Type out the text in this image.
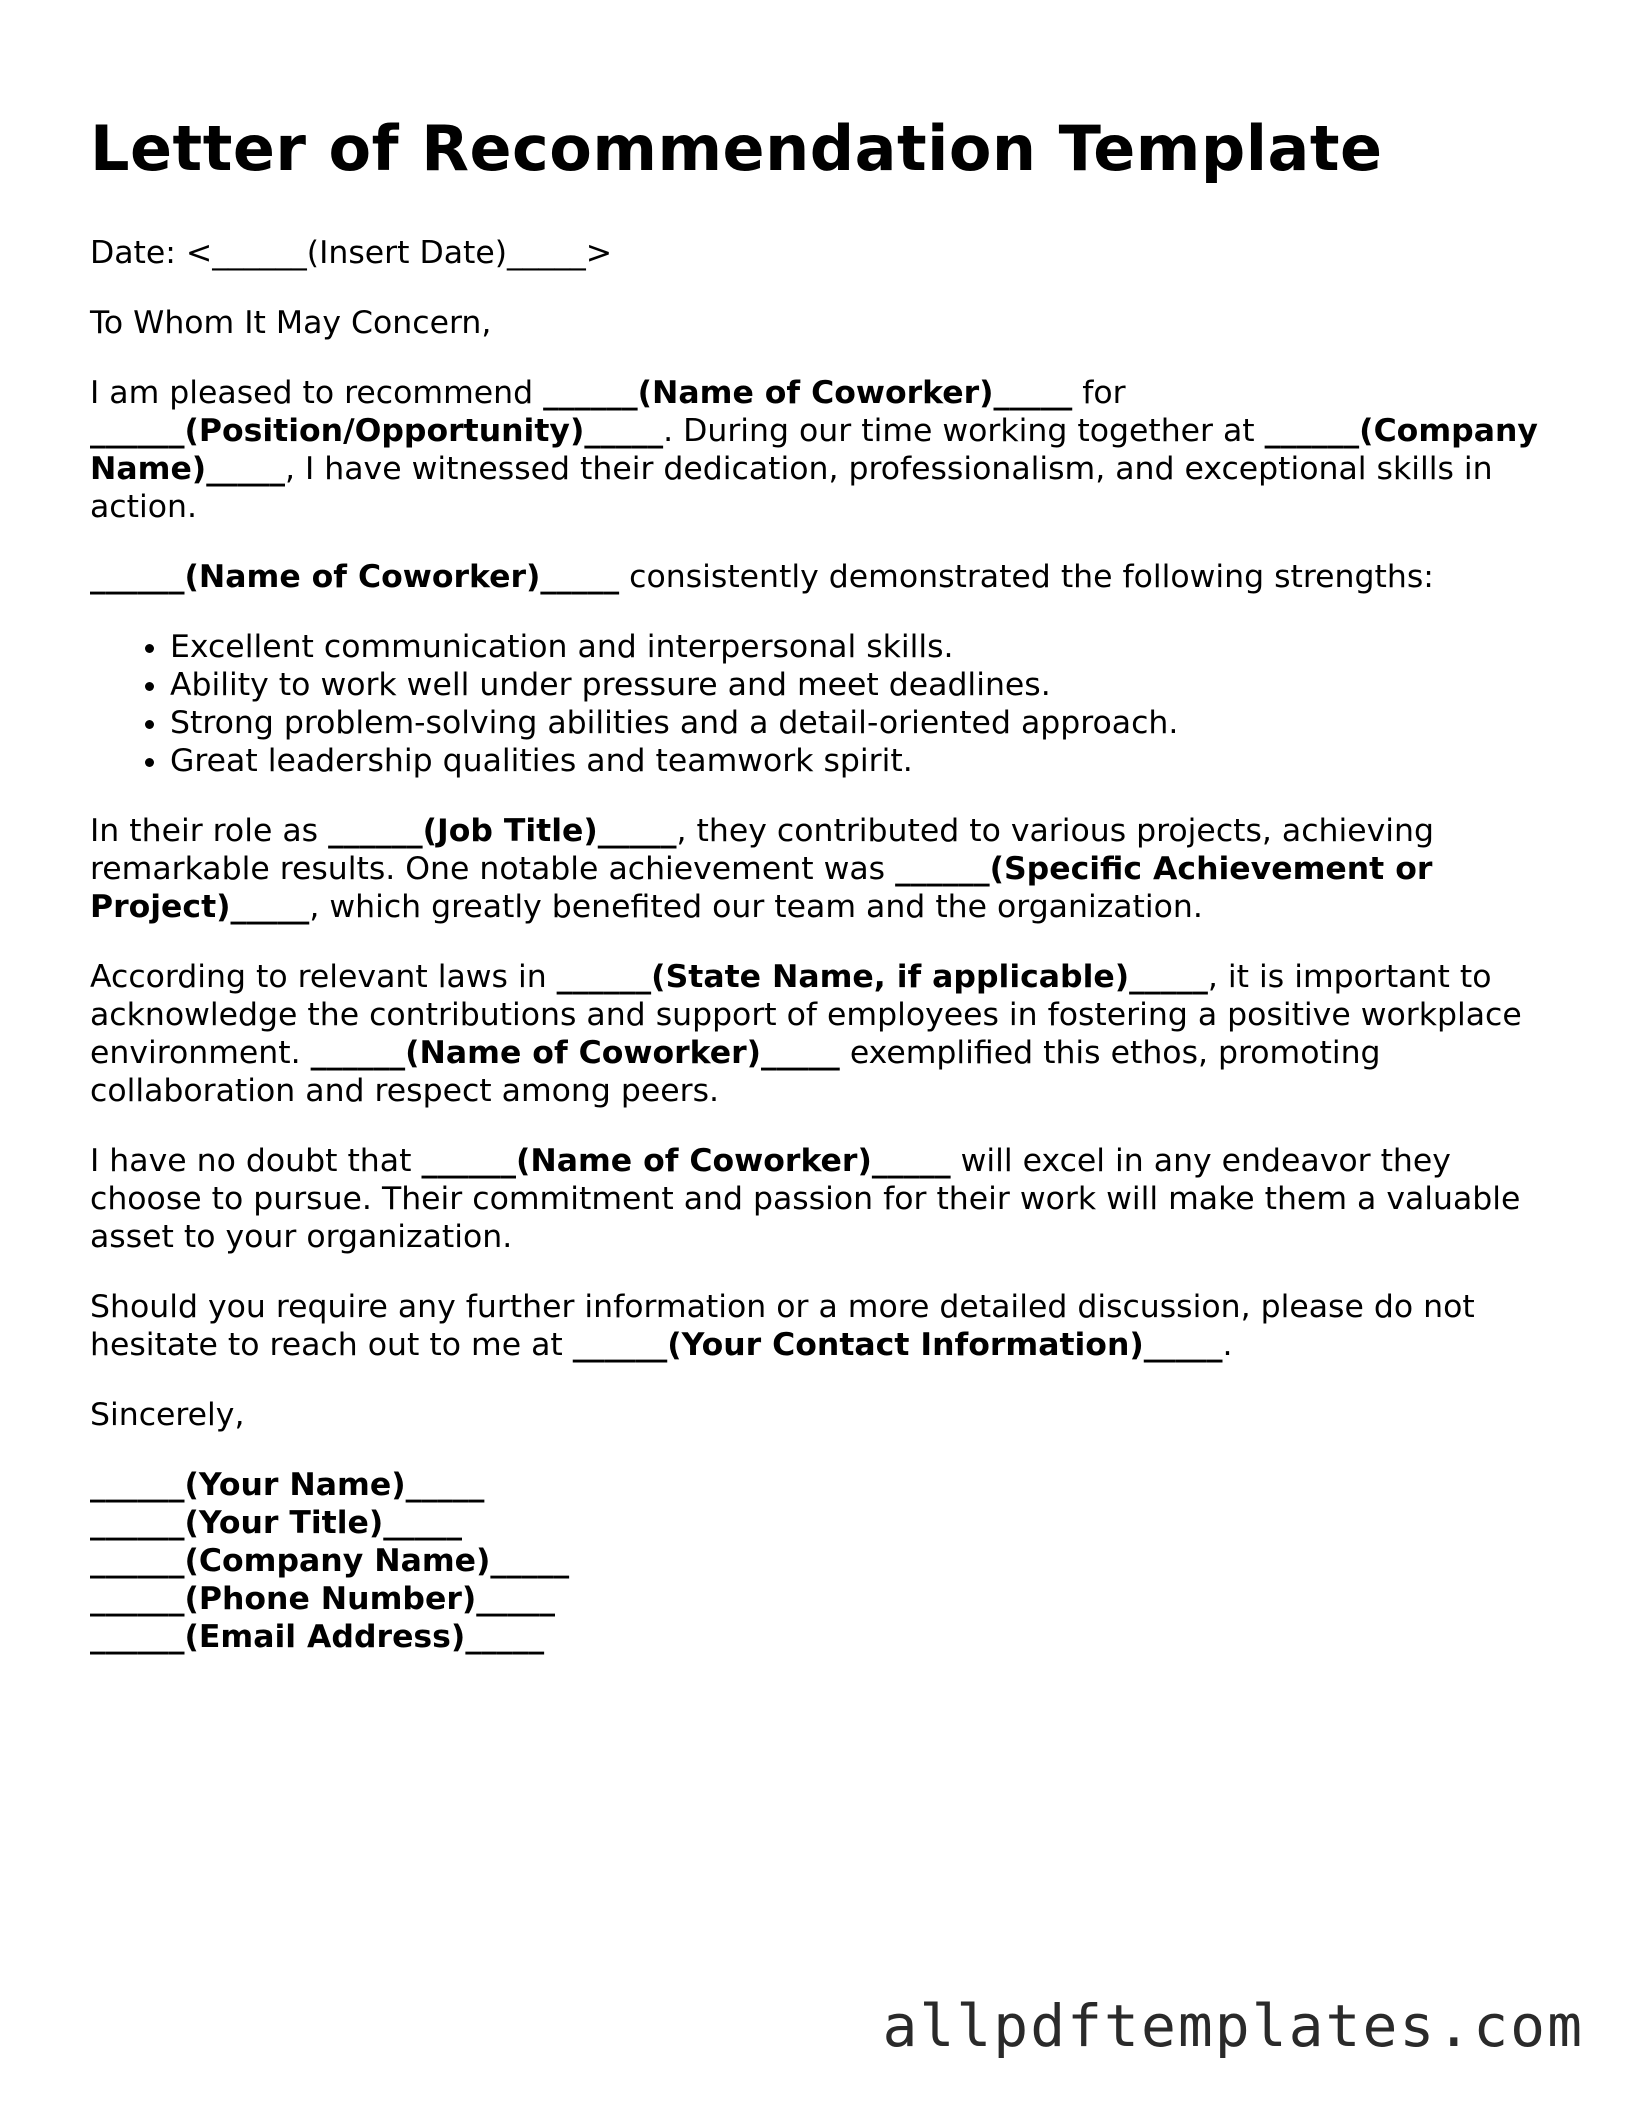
Letter of Recommendation Template

Date: <______(Insert Date)_____>

To Whom It May Concern,

I am pleased to recommend ______(Name of Coworker)_____ for ______(Position/Opportunity)_____. During our time working together at ______(Company Name)_____, I have witnessed their dedication, professionalism, and exceptional skills in action.

______(Name of Coworker)_____ consistently demonstrated the following strengths:

• Excellent communication and interpersonal skills.
• Ability to work well under pressure and meet deadlines.
• Strong problem-solving abilities and a detail-oriented approach.
• Great leadership qualities and teamwork spirit.

In their role as ______(Job Title)_____, they contributed to various projects, achieving remarkable results. One notable achievement was ______(Specific Achievement or Project)_____, which greatly benefited our team and the organization.

According to relevant laws in ______(State Name, if applicable)_____, it is important to acknowledge the contributions and support of employees in fostering a positive workplace environment. ______(Name of Coworker)_____ exemplified this ethos, promoting collaboration and respect among peers.

I have no doubt that ______(Name of Coworker)_____ will excel in any endeavor they choose to pursue. Their commitment and passion for their work will make them a valuable asset to your organization.

Should you require any further information or a more detailed discussion, please do not hesitate to reach out to me at ______(Your Contact Information)_____.

Sincerely,

______(Your Name)_____
______(Your Title)_____
______(Company Name)_____
______(Phone Number)_____
______(Email Address)_____
allpdftemplates.com
